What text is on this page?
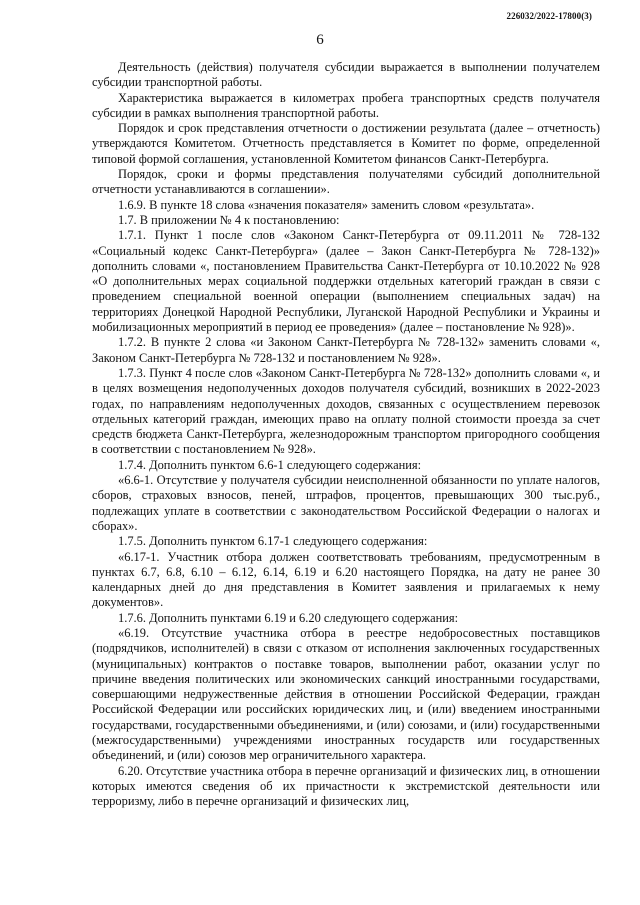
226032/2022-17800(3)
6

Деятельность (действия) получателя субсидии выражается в выполнении получателем субсидии транспортной работы.

Характеристика выражается в километрах пробега транспортных средств получателя субсидии в рамках выполнения транспортной работы.

Порядок и срок представления отчетности о достижении результата (далее – отчетность) утверждаются Комитетом. Отчетность представляется в Комитет по форме, определенной типовой формой соглашения, установленной Комитетом финансов Санкт-Петербурга.

Порядок, сроки и формы представления получателями субсидий дополнительной отчетности устанавливаются в соглашении».

1.6.9. В пункте 18 слова «значения показателя» заменить словом «результата».

1.7. В приложении № 4 к постановлению:

1.7.1. Пункт 1 после слов «Законом Санкт-Петербурга от 09.11.2011 № 728-132 «Социальный кодекс Санкт-Петербурга» (далее – Закон Санкт-Петербурга № 728-132)» дополнить словами «, постановлением Правительства Санкт-Петербурга от 10.10.2022 № 928 «О дополнительных мерах социальной поддержки отдельных категорий граждан в связи с проведением специальной военной операции (выполнением специальных задач) на территориях Донецкой Народной Республики, Луганской Народной Республики и Украины и мобилизационных мероприятий в период ее проведения» (далее – постановление № 928)».

1.7.2. В пункте 2 слова «и Законом Санкт-Петербурга № 728-132» заменить словами «, Законом Санкт-Петербурга № 728-132 и постановлением № 928».

1.7.3. Пункт 4 после слов «Законом Санкт-Петербурга № 728-132» дополнить словами «, и в целях возмещения недополученных доходов получателя субсидий, возникших в 2022-2023 годах, по направлениям недополученных доходов, связанных с осуществлением перевозок отдельных категорий граждан, имеющих право на оплату полной стоимости проезда за счет средств бюджета Санкт-Петербурга, железнодорожным транспортом пригородного сообщения в соответствии с постановлением № 928».

1.7.4. Дополнить пунктом 6.6-1 следующего содержания:

«6.6-1. Отсутствие у получателя субсидии неисполненной обязанности по уплате налогов, сборов, страховых взносов, пеней, штрафов, процентов, превышающих 300 тыс.руб., подлежащих уплате в соответствии с законодательством Российской Федерации о налогах и сборах».

1.7.5. Дополнить пунктом 6.17-1 следующего содержания:

«6.17-1. Участник отбора должен соответствовать требованиям, предусмотренным в пунктах 6.7, 6.8, 6.10 – 6.12, 6.14, 6.19 и 6.20 настоящего Порядка, на дату не ранее 30 календарных дней до дня представления в Комитет заявления и прилагаемых к нему документов».

1.7.6. Дополнить пунктами 6.19 и 6.20 следующего содержания:

«6.19. Отсутствие участника отбора в реестре недобросовестных поставщиков (подрядчиков, исполнителей) в связи с отказом от исполнения заключенных государственных (муниципальных) контрактов о поставке товаров, выполнении работ, оказании услуг по причине введения политических или экономических санкций иностранными государствами, совершающими недружественные действия в отношении Российской Федерации, граждан Российской Федерации или российских юридических лиц, и (или) введением иностранными государствами, государственными объединениями, и (или) союзами, и (или) государственными (межгосударственными) учреждениями иностранных государств или государственных объединений, и (или) союзов мер ограничительного характера.

6.20. Отсутствие участника отбора в перечне организаций и физических лиц, в отношении которых имеются сведения об их причастности к экстремистской деятельности или терроризму, либо в перечне организаций и физических лиц,
